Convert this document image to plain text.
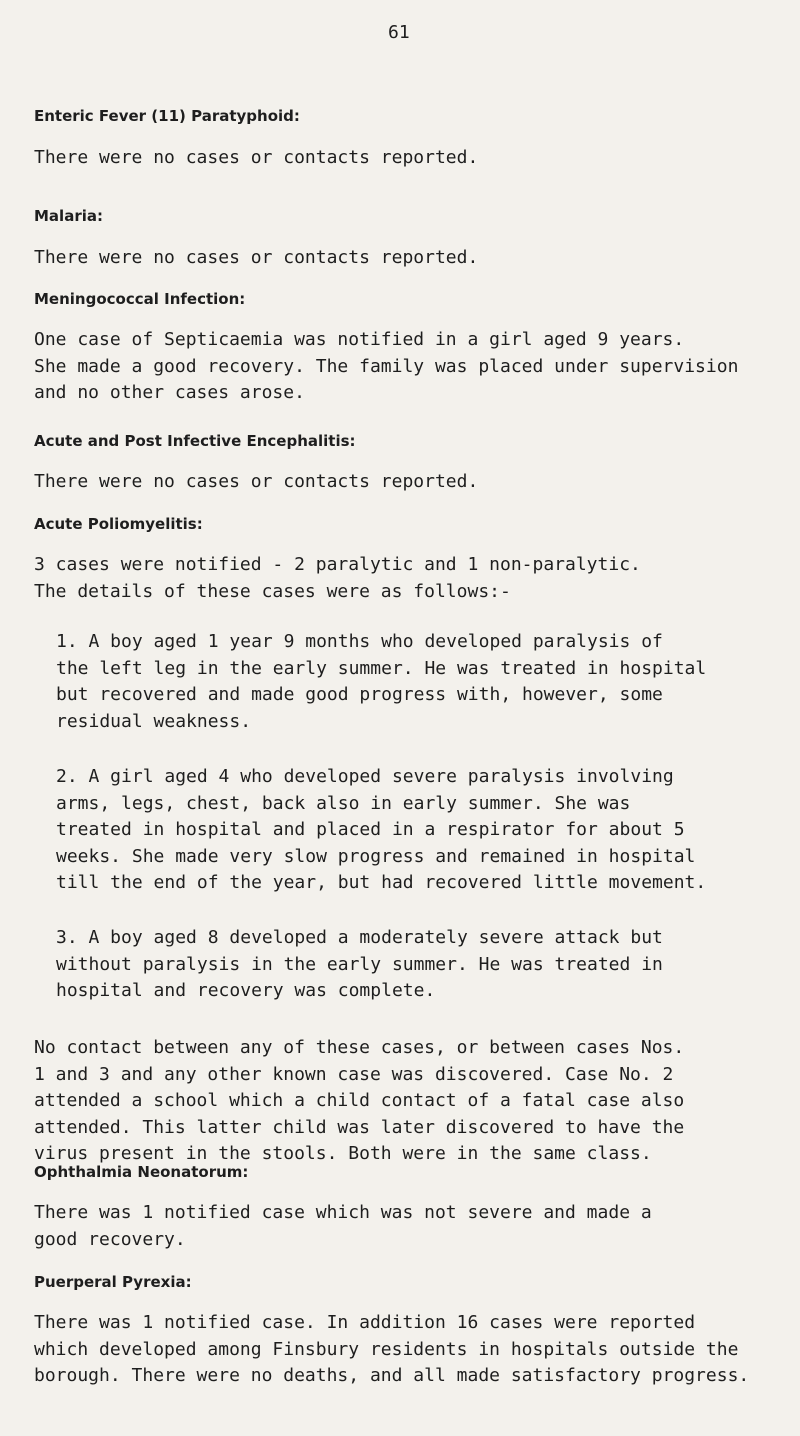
61
Enteric Fever (11) Paratyphoid:
There were no cases or contacts reported.
Malaria:
There were no cases or contacts reported.
Meningococcal Infection:
One case of Septicaemia was notified in a girl aged 9 years.
She made a good recovery. The family was placed under supervision
and no other cases arose.
Acute and Post Infective Encephalitis:
There were no cases or contacts reported.
Acute Poliomyelitis:
3 cases were notified - 2 paralytic and 1 non-paralytic.
The details of these cases were as follows:-
1. A boy aged 1 year 9 months who developed paralysis of
the left leg in the early summer. He was treated in hospital
but recovered and made good progress with, however, some
residual weakness.
2. A girl aged 4 who developed severe paralysis involving
arms, legs, chest, back also in early summer. She was
treated in hospital and placed in a respirator for about 5
weeks. She made very slow progress and remained in hospital
till the end of the year, but had recovered little movement.
3. A boy aged 8 developed a moderately severe attack but
without paralysis in the early summer. He was treated in
hospital and recovery was complete.
No contact between any of these cases, or between cases Nos.
1 and 3 and any other known case was discovered. Case No. 2
attended a school which a child contact of a fatal case also
attended. This latter child was later discovered to have the
virus present in the stools. Both were in the same class.
Ophthalmia Neonatorum:
There was 1 notified case which was not severe and made a
good recovery.
Puerperal Pyrexia:
There was 1 notified case. In addition 16 cases were reported
which developed among Finsbury residents in hospitals outside the
borough. There were no deaths, and all made satisfactory progress.
